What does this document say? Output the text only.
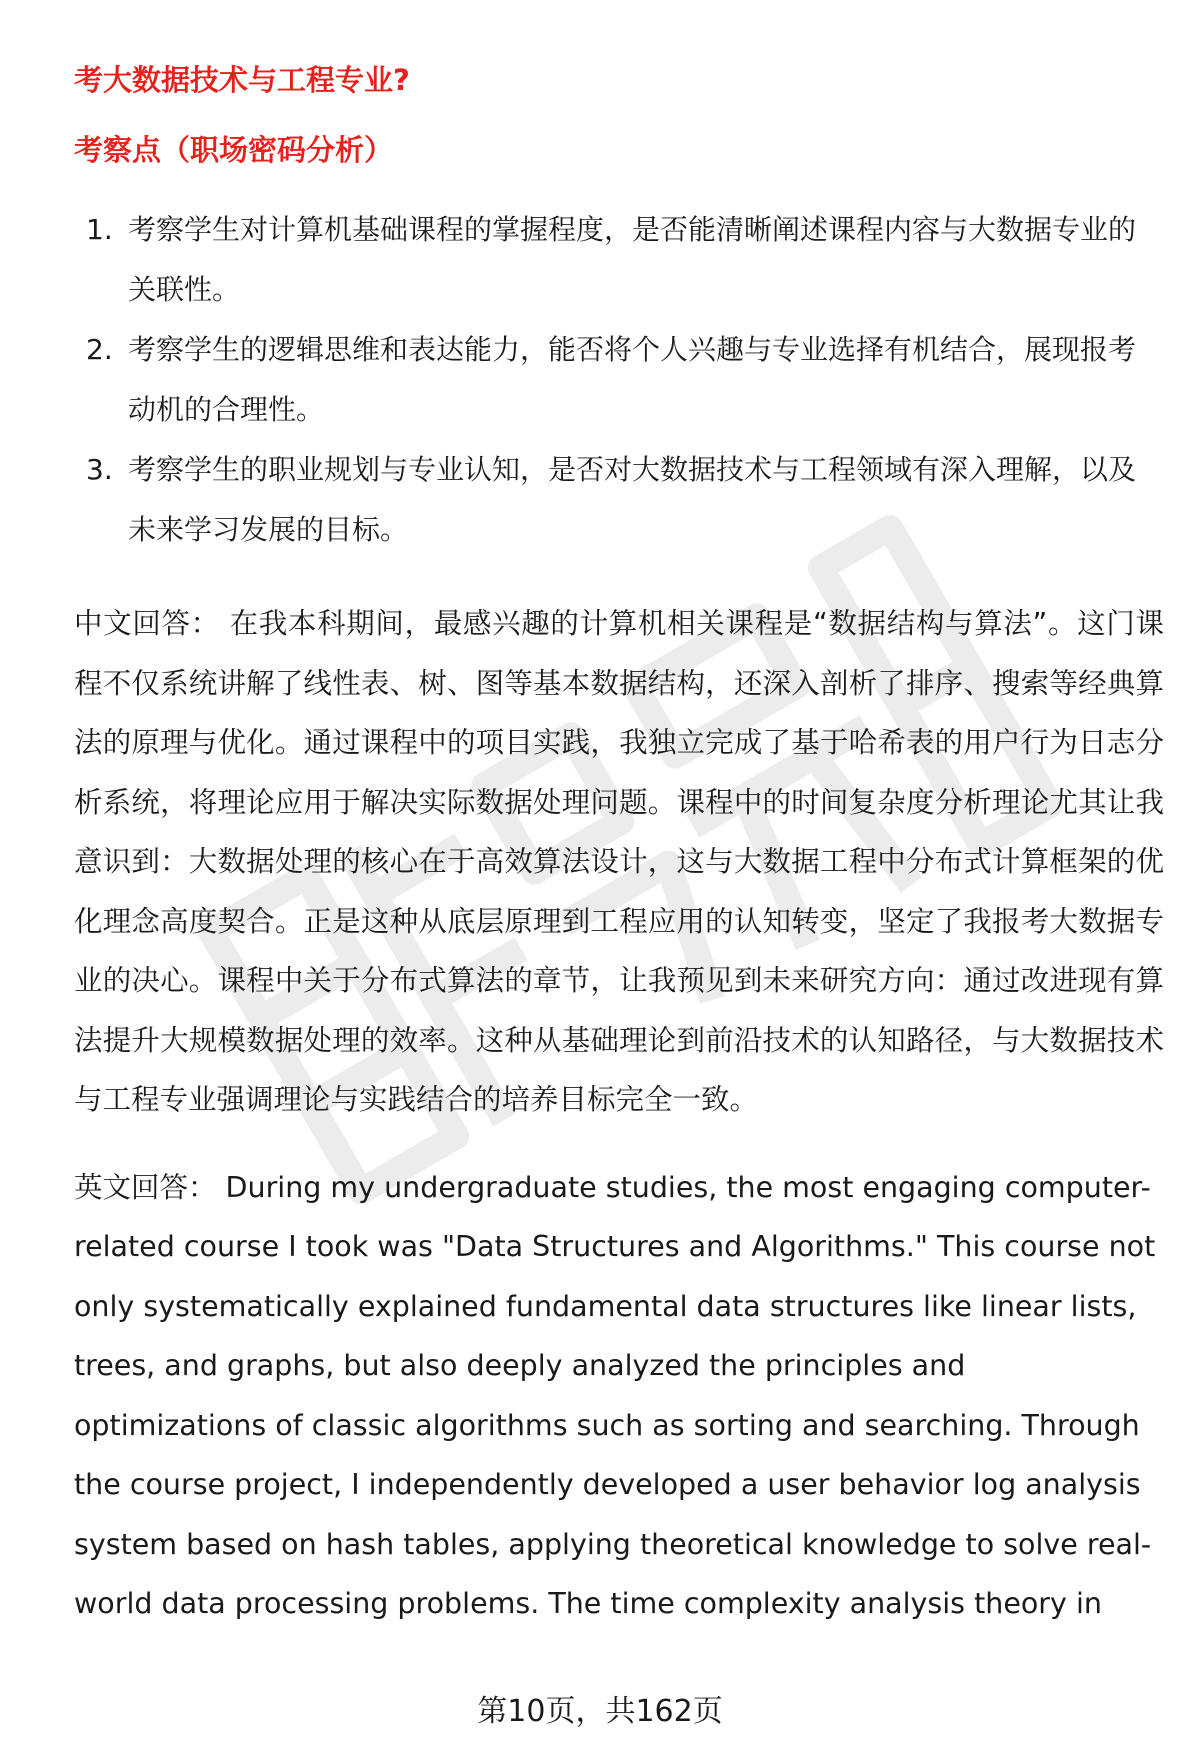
考大数据技术与工程专业?
考察点（职场密码分析）
1. 考察学生对计算机基础课程的掌握程度，是否能清晰阐述课程内容与大数据专业的关联性。
2. 考察学生的逻辑思维和表达能力，能否将个人兴趣与专业选择有机结合，展现报考动机的合理性。
3. 考察学生的职业规划与专业认知，是否对大数据技术与工程领域有深入理解，以及未来学习发展的目标。

中文回答： 在我本科期间，最感兴趣的计算机相关课程是“数据结构与算法”。这门课程不仅系统讲解了线性表、树、图等基本数据结构，还深入剖析了排序、搜索等经典算法的原理与优化。通过课程中的项目实践，我独立完成了基于哈希表的用户行为日志分析系统，将理论应用于解决实际数据处理问题。课程中的时间复杂度分析理论尤其让我意识到：大数据处理的核心在于高效算法设计，这与大数据工程中分布式计算框架的优化理念高度契合。正是这种从底层原理到工程应用的认知转变，坚定了我报考大数据专业的决心。课程中关于分布式算法的章节，让我预见到未来研究方向：通过改进现有算法提升大规模数据处理的效率。这种从基础理论到前沿技术的认知路径，与大数据技术与工程专业强调理论与实践结合的培养目标完全一致。

英文回答： During my undergraduate studies, the most engaging computer-related course I took was "Data Structures and Algorithms." This course not only systematically explained fundamental data structures like linear lists, trees, and graphs, but also deeply analyzed the principles and optimizations of classic algorithms such as sorting and searching. Through the course project, I independently developed a user behavior log analysis system based on hash tables, applying theoretical knowledge to solve real-world data processing problems. The time complexity analysis theory in

第10页，共162页
